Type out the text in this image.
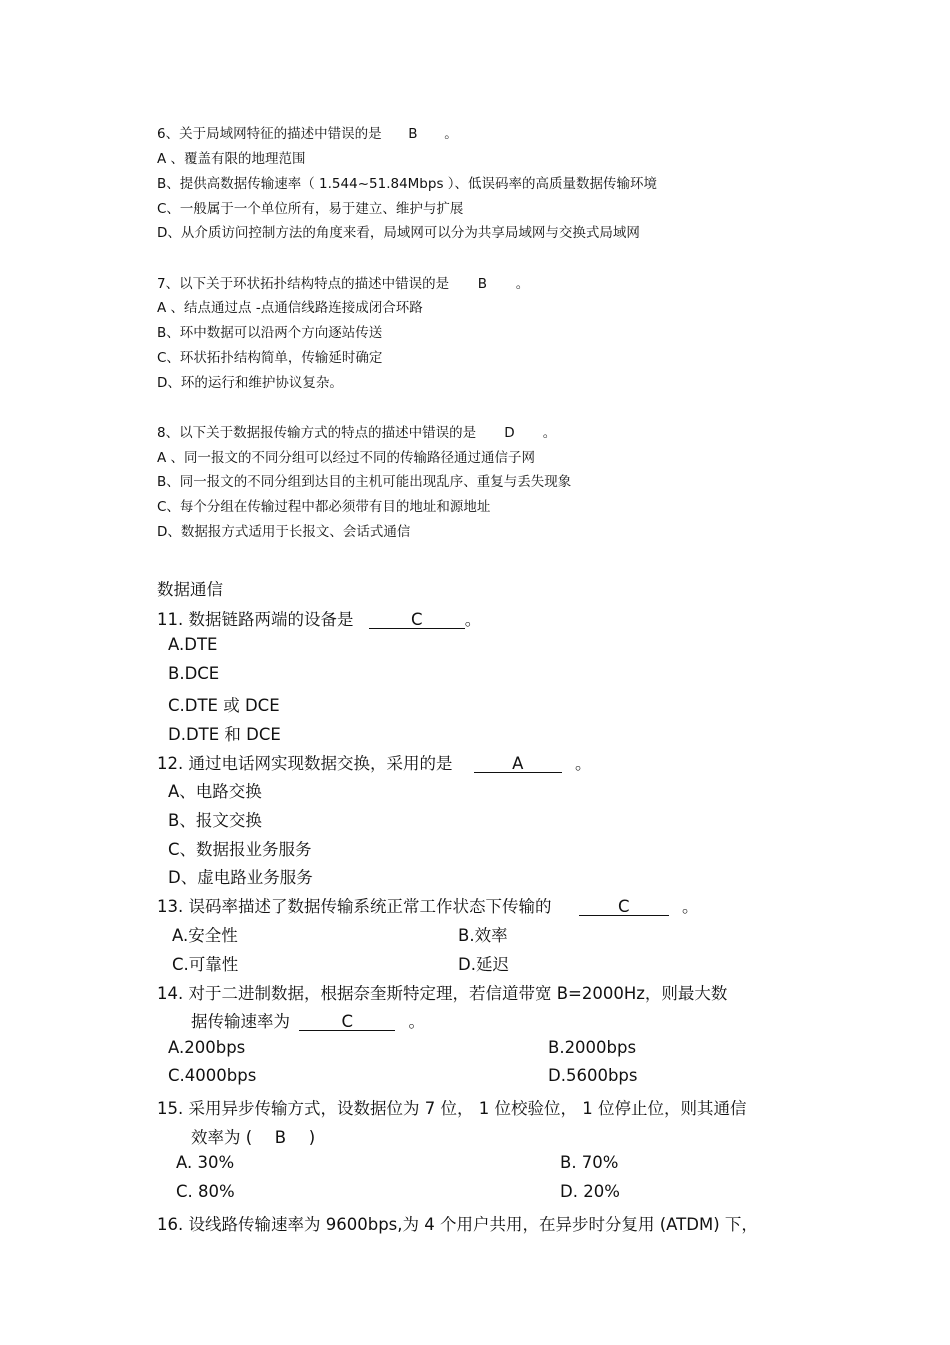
6、关于局域网特征的描述中错误的是 B 。
A 、覆盖有限的地理范围
B、提供高数据传输速率（ 1.544~51.84Mbps ）、低误码率的高质量数据传输环境
C、一般属于一个单位所有，易于建立、维护与扩展
D、从介质访问控制方法的角度来看，局域网可以分为共享局域网与交换式局域网
7、以下关于环状拓扑结构特点的描述中错误的是 B 。
A 、结点通过点 -点通信线路连接成闭合环路
B、环中数据可以沿两个方向逐站传送
C、环状拓扑结构简单，传输延时确定
D、环的运行和维护协议复杂。
8、以下关于数据报传输方式的特点的描述中错误的是 D 。
A 、同一报文的不同分组可以经过不同的传输路径通过通信子网
B、同一报文的不同分组到达目的主机可能出现乱序、重复与丢失现象
C、每个分组在传输过程中都必须带有目的地址和源地址
D、数据报方式适用于长报文、会话式通信
数据通信
11. 数据链路两端的设备是	C	。
A.DTE
B.DCE
C.DTE 或 DCE
D.DTE 和 DCE
12. 通过电话网实现数据交换，采用的是	A	。
A、电路交换
B、报文交换
C、数据报业务服务
D、虚电路业务服务
13. 误码率描述了数据传输系统正常工作状态下传输的	C	。
A.安全性	B.效率
C.可靠性	D.延迟
14. 对于二进制数据，根据奈奎斯特定理，若信道带宽 B=2000Hz，则最大数
据传输速率为	C	。
A.200bps	B.2000bps
C.4000bps	D.5600bps
15. 采用异步传输方式，设数据位为 7 位， 1 位校验位， 1 位停止位，则其通信
效率为 ( B )
A. 30%	B. 70%
C. 80%	D. 20%
16. 设线路传输速率为 9600bps,为 4 个用户共用，在异步时分复用 (ATDM) 下，
